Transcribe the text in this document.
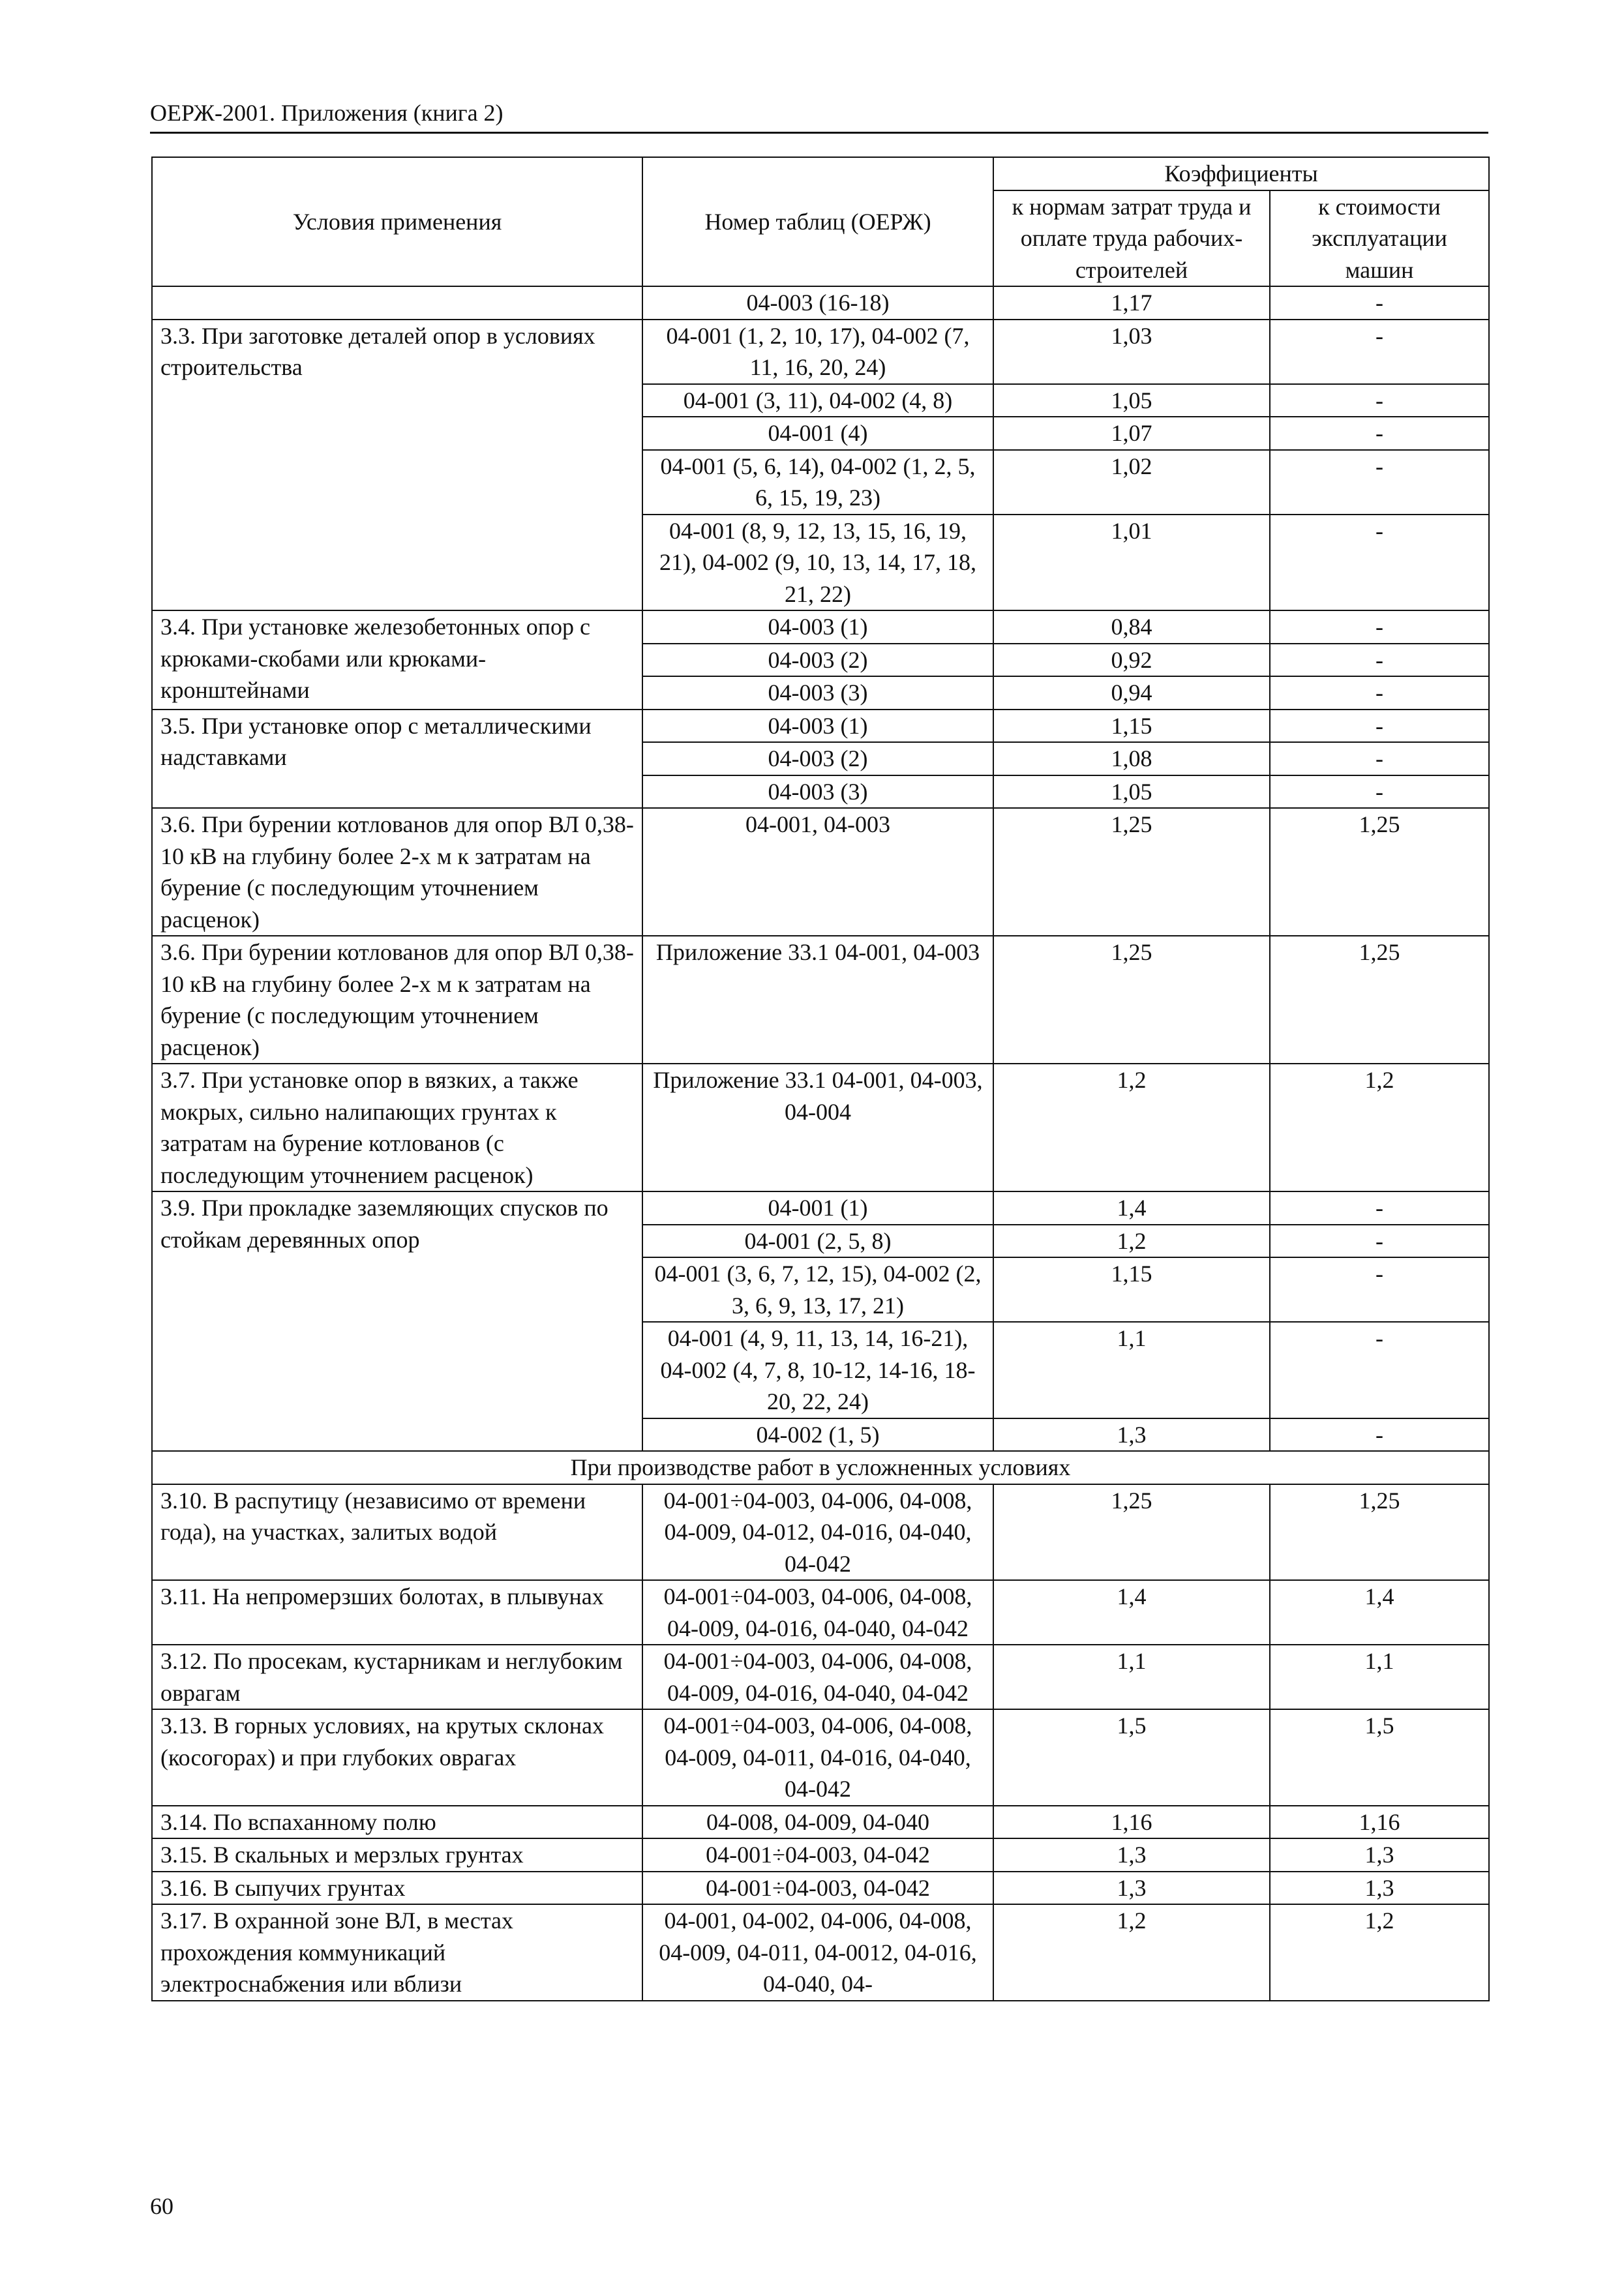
ОЕРЖ-2001. Приложения (книга 2)
Условия применения	Номер таблиц (ОЕРЖ)	Коэффициенты	
		к нормам затрат труда и оплате труда рабочих-строителей	к стоимости эксплуатации машин
	04-003 (16-18)	1,17	-
3.3. При заготовке деталей опор в условиях строительства	04-001 (1, 2, 10, 17), 04-002 (7, 11, 16, 20, 24)	1,03	-
	04-001 (3, 11), 04-002 (4, 8)	1,05	-
	04-001 (4)	1,07	-
	04-001 (5, 6, 14), 04-002 (1, 2, 5, 6, 15, 19, 23)	1,02	-
	04-001 (8, 9, 12, 13, 15, 16, 19, 21), 04-002 (9, 10, 13, 14, 17, 18, 21, 22)	1,01	-
3.4. При установке железобетонных опор с крюками-скобами или крюками-кронштейнами	04-003 (1)	0,84	-
	04-003 (2)	0,92	-
	04-003 (3)	0,94	-
3.5. При установке опор с металлическими надставками	04-003 (1)	1,15	-
	04-003 (2)	1,08	-
	04-003 (3)	1,05	-
3.6. При бурении котлованов для опор ВЛ 0,38-10 кВ на глубину более 2-х м к затратам на бурение (с последующим уточнением расценок)	04-001, 04-003	1,25	1,25
3.6. При бурении котлованов для опор ВЛ 0,38-10 кВ на глубину более 2-х м к затратам на бурение (с последующим уточнением расценок)	Приложение 33.1 04-001, 04-003	1,25	1,25
3.7. При установке опор в вязких, а также мокрых, сильно налипающих грунтах к затратам на бурение котлованов (с последующим уточнением расценок)	Приложение 33.1 04-001, 04-003, 04-004	1,2	1,2
3.9. При прокладке заземляющих спусков по стойкам деревянных опор	04-001 (1)	1,4	-
	04-001 (2, 5, 8)	1,2	-
	04-001 (3, 6, 7, 12, 15), 04-002 (2, 3, 6, 9, 13, 17, 21)	1,15	-
	04-001 (4, 9, 11, 13, 14, 16-21), 04-002 (4, 7, 8, 10-12, 14-16, 18-20, 22, 24)	1,1	-
	04-002 (1, 5)	1,3	-
При производстве работ в усложненных условиях			
3.10. В распутицу (независимо от времени года), на участках, залитых водой	04-001÷04-003, 04-006, 04-008, 04-009, 04-012, 04-016, 04-040, 04-042	1,25	1,25
3.11. На непромерзших болотах, в плывунах	04-001÷04-003, 04-006, 04-008, 04-009, 04-016, 04-040, 04-042	1,4	1,4
3.12. По просекам, кустарникам и неглубоким оврагам	04-001÷04-003, 04-006, 04-008, 04-009, 04-016, 04-040, 04-042	1,1	1,1
3.13. В горных условиях, на крутых склонах (косогорах) и при глубоких оврагах	04-001÷04-003, 04-006, 04-008, 04-009, 04-011, 04-016, 04-040, 04-042	1,5	1,5
3.14. По вспаханному полю	04-008, 04-009, 04-040	1,16	1,16
3.15. В скальных и мерзлых грунтах	04-001÷04-003, 04-042	1,3	1,3
3.16. В сыпучих грунтах	04-001÷04-003, 04-042	1,3	1,3
3.17. В охранной зоне ВЛ, в местах прохождения коммуникаций электроснабжения или вблизи	04-001, 04-002, 04-006, 04-008, 04-009, 04-011, 04-0012, 04-016, 04-040, 04-	1,2	1,2
60
